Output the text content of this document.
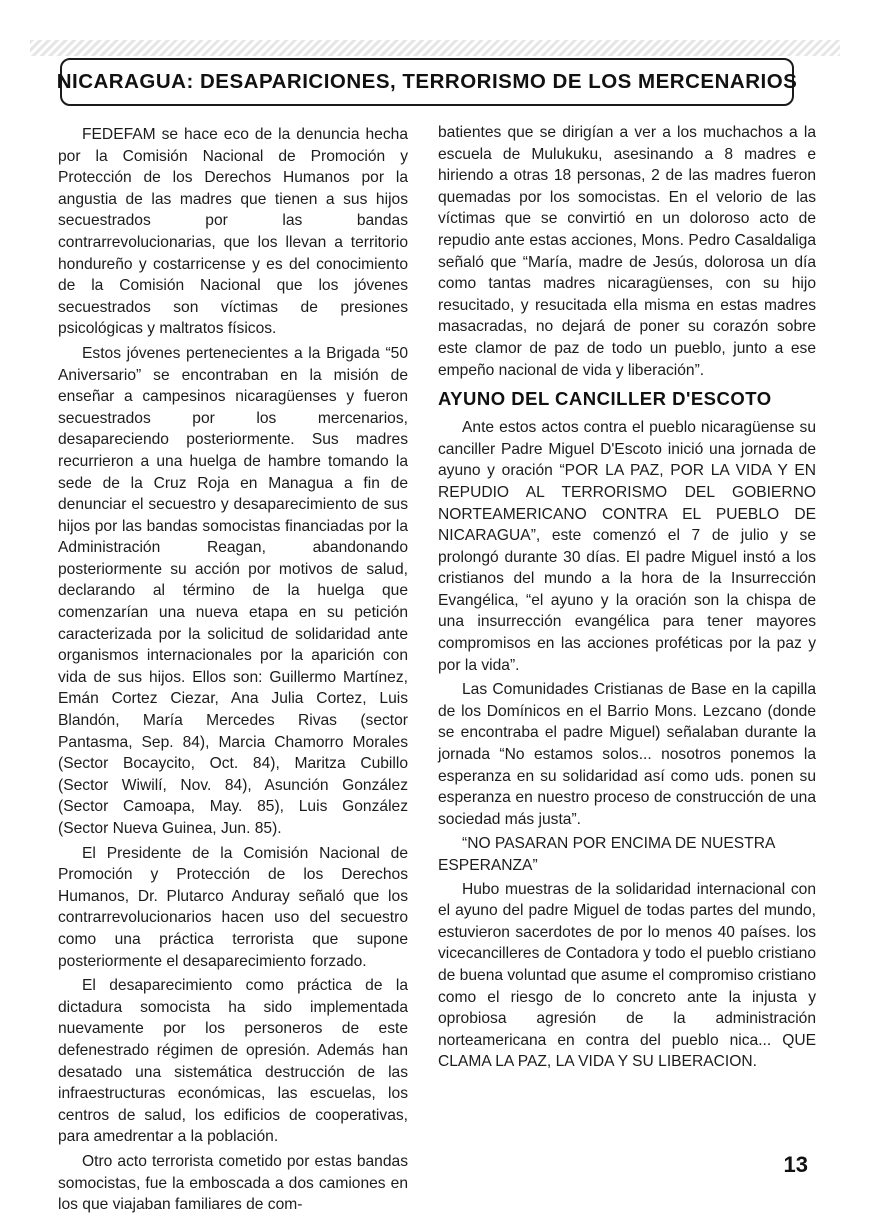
NICARAGUA: DESAPARICIONES, TERRORISMO DE LOS MERCENARIOS

FEDEFAM se hace eco de la denuncia hecha por la Comisión Nacional de Promoción y Protección de los Derechos Humanos por la angustia de las madres que tienen a sus hijos secuestrados por las bandas contrarrevolucionarias, que los llevan a territorio hondureño y costarricense y es del conocimiento de la Comisión Nacional que los jóvenes secuestrados son víctimas de presiones psicológicas y maltratos físicos.

Estos jóvenes pertenecientes a la Brigada “50 Aniversario” se encontraban en la misión de enseñar a campesinos nicaragüenses y fueron secuestrados por los mercenarios, desapareciendo posteriormente. Sus madres recurrieron a una huelga de hambre tomando la sede de la Cruz Roja en Managua a fin de denunciar el secuestro y desaparecimiento de sus hijos por las bandas somocistas financiadas por la Administración Reagan, abandonando posteriormente su acción por motivos de salud, declarando al término de la huelga que comenzarían una nueva etapa en su petición caracterizada por la solicitud de solidaridad ante organismos internacionales por la aparición con vida de sus hijos. Ellos son: Guillermo Martínez, Emán Cortez Ciezar, Ana Julia Cortez, Luis Blandón, María Mercedes Rivas (sector Pantasma, Sep. 84), Marcia Chamorro Morales (Sector Bocaycito, Oct. 84), Maritza Cubillo (Sector Wiwilí, Nov. 84), Asunción González (Sector Camoapa, May. 85), Luis González (Sector Nueva Guinea, Jun. 85).

El Presidente de la Comisión Nacional de Promoción y Protección de los Derechos Humanos, Dr. Plutarco Anduray señaló que los contrarrevolucionarios hacen uso del secuestro como una práctica terrorista que supone posteriormente el desaparecimiento forzado.

El desaparecimiento como práctica de la dictadura somocista ha sido implementada nuevamente por los personeros de este defenestrado régimen de opresión. Además han desatado una sistemática destrucción de las infraestructuras económicas, las escuelas, los centros de salud, los edificios de cooperativas, para amedrentar a la población.

Otro acto terrorista cometido por estas bandas somocistas, fue la emboscada a dos camiones en los que viajaban familiares de com-

batientes que se dirigían a ver a los muchachos a la escuela de Mulukuku, asesinando a 8 madres e hiriendo a otras 18 personas, 2 de las madres fueron quemadas por los somocistas. En el velorio de las víctimas que se convirtió en un doloroso acto de repudio ante estas acciones, Mons. Pedro Casaldaliga señaló que “María, madre de Jesús, dolorosa un día como tantas madres nicaragüenses, con su hijo resucitado, y resucitada ella misma en estas madres masacradas, no dejará de poner su corazón sobre este clamor de paz de todo un pueblo, junto a ese empeño nacional de vida y liberación”.

AYUNO DEL CANCILLER D'ESCOTO

Ante estos actos contra el pueblo nicaragüense su canciller Padre Miguel D'Escoto inició una jornada de ayuno y oración “POR LA PAZ, POR LA VIDA Y EN REPUDIO AL TERRORISMO DEL GOBIERNO NORTEAMERICANO CONTRA EL PUEBLO DE NICARAGUA”, este comenzó el 7 de julio y se prolongó durante 30 días. El padre Miguel instó a los cristianos del mundo a la hora de la Insurrección Evangélica, “el ayuno y la oración son la chispa de una insurrección evangélica para tener mayores compromisos en las acciones proféticas por la paz y por la vida”.

Las Comunidades Cristianas de Base en la capilla de los Domínicos en el Barrio Mons. Lezcano (donde se encontraba el padre Miguel) señalaban durante la jornada “No estamos solos... nosotros ponemos la esperanza en su solidaridad así como uds. ponen su esperanza en nuestro proceso de construcción de una sociedad más justa”.

“NO PASARAN POR ENCIMA DE NUESTRA ESPERANZA”

Hubo muestras de la solidaridad internacional con el ayuno del padre Miguel de todas partes del mundo, estuvieron sacerdotes de por lo menos 40 países. los vicecancilleres de Contadora y todo el pueblo cristiano de buena voluntad que asume el compromiso cristiano como el riesgo de lo concreto ante la injusta y oprobiosa agresión de la administración norteamericana en contra del pueblo nica... QUE CLAMA LA PAZ, LA VIDA Y SU LIBERACION.

13
